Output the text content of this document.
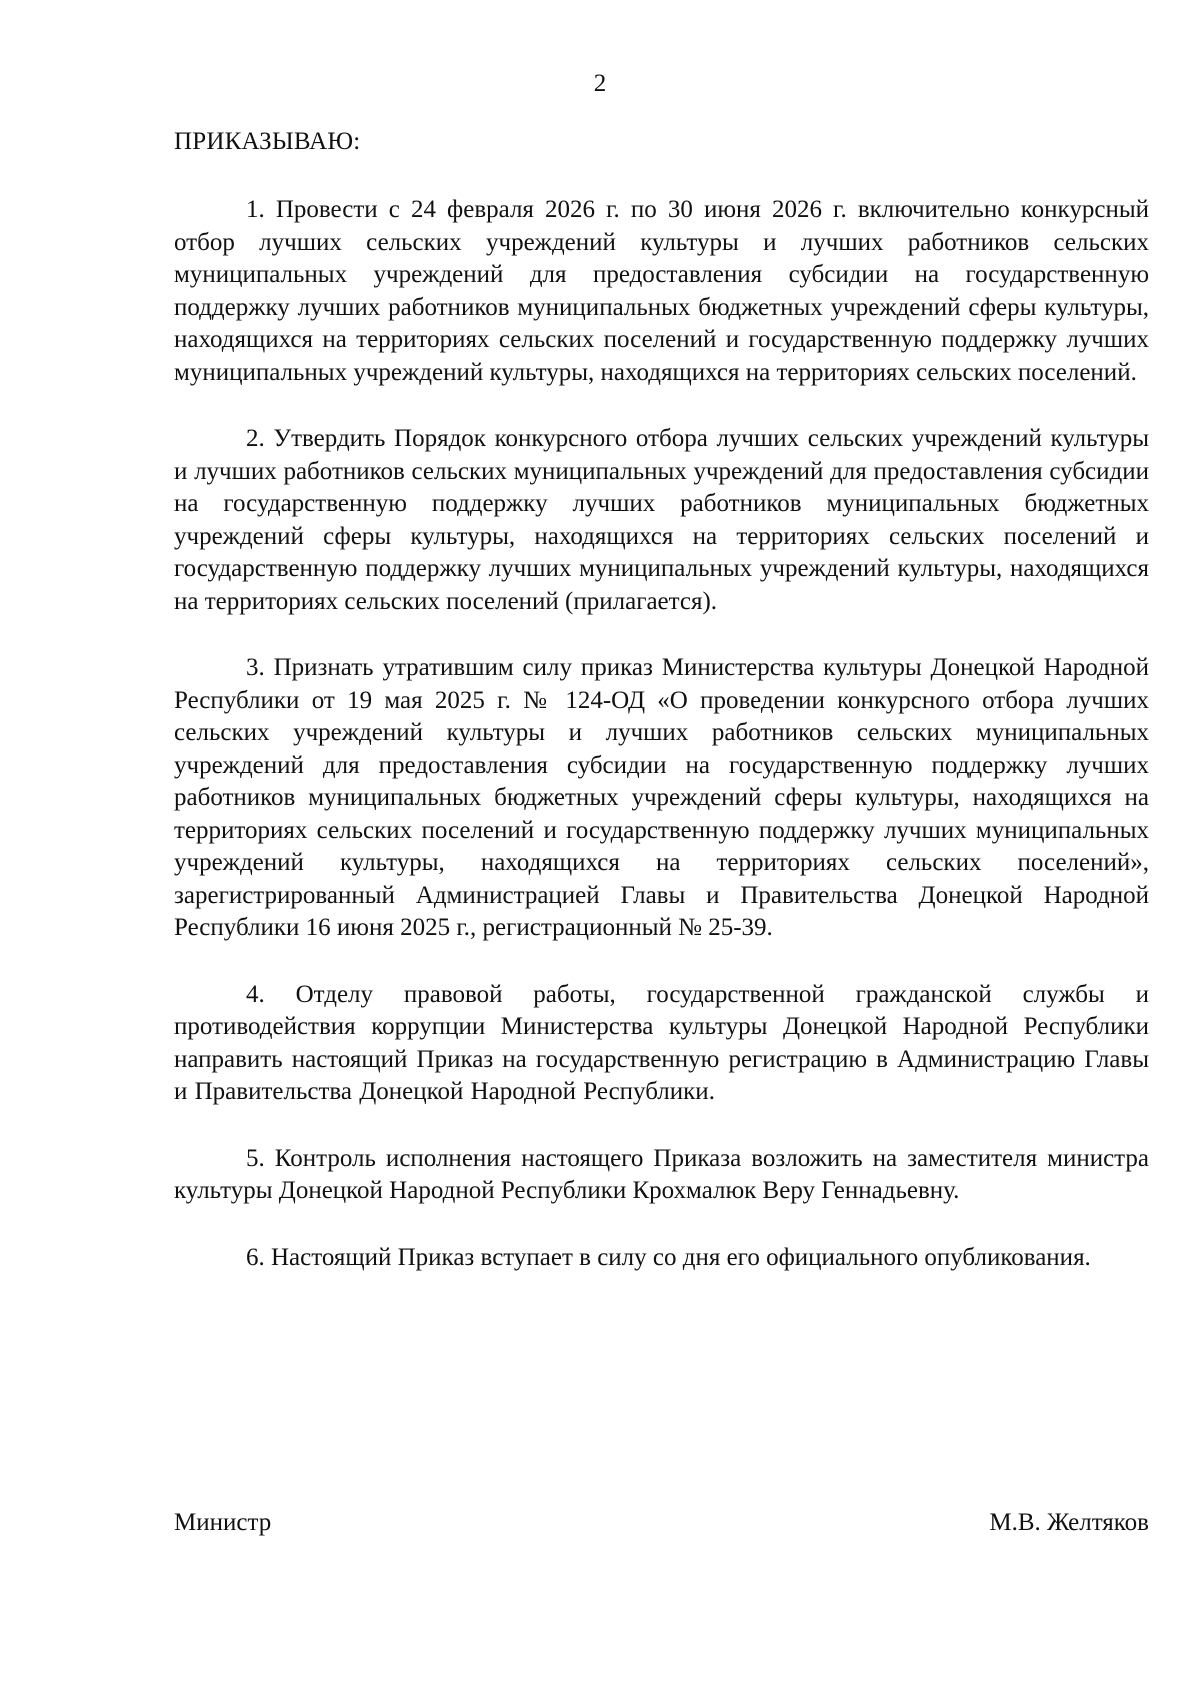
2
ПРИКАЗЫВАЮ:

1. Провести с 24 февраля 2026 г. по 30 июня 2026 г. включительно конкурсный отбор лучших сельских учреждений культуры и лучших работников сельских муниципальных учреждений для предоставления субсидии на государственную поддержку лучших работников муниципальных бюджетных учреждений сферы культуры, находящихся на территориях сельских поселений и государственную поддержку лучших муниципальных учреждений культуры, находящихся на территориях сельских поселений.

2. Утвердить Порядок конкурсного отбора лучших сельских учреждений культуры и лучших работников сельских муниципальных учреждений для предоставления субсидии на государственную поддержку лучших работников муниципальных бюджетных учреждений сферы культуры, находящихся на территориях сельских поселений и государственную поддержку лучших муниципальных учреждений культуры, находящихся на территориях сельских поселений (прилагается).

3. Признать утратившим силу приказ Министерства культуры Донецкой Народной Республики от 19 мая 2025 г. № 124-ОД «О проведении конкурсного отбора лучших сельских учреждений культуры и лучших работников сельских муниципальных учреждений для предоставления субсидии на государственную поддержку лучших работников муниципальных бюджетных учреждений сферы культуры, находящихся на территориях сельских поселений и государственную поддержку лучших муниципальных учреждений культуры, находящихся на территориях сельских поселений», зарегистрированный Администрацией Главы и Правительства Донецкой Народной Республики 16 июня 2025 г., регистрационный № 25-39.

4. Отделу правовой работы, государственной гражданской службы и противодействия коррупции Министерства культуры Донецкой Народной Республики направить настоящий Приказ на государственную регистрацию в Администрацию Главы и Правительства Донецкой Народной Республики.

5. Контроль исполнения настоящего Приказа возложить на заместителя министра культуры Донецкой Народной Республики Крохмалюк Веру Геннадьевну.

6. Настоящий Приказ вступает в силу со дня его официального опубликования.

Министр	М.В. Желтяков
